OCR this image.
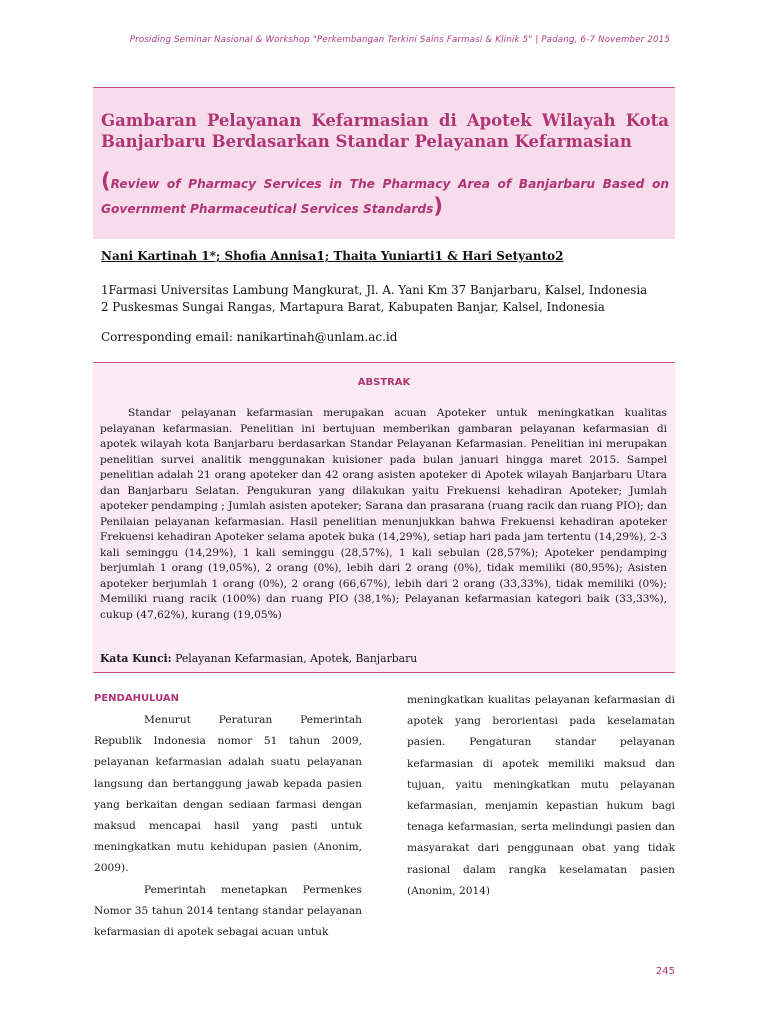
Prosiding Seminar Nasional & Workshop "Perkembangan Terkini Sains Farmasi & Klinik 5" | Padang, 6-7 November 2015
Gambaran Pelayanan Kefarmasian di Apotek Wilayah Kota Banjarbaru Berdasarkan Standar Pelayanan Kefarmasian
(Review of Pharmacy Services in The Pharmacy Area of Banjarbaru Based on Government Pharmaceutical Services Standards)
Nani Kartinah 1*; Shofia Annisa1; Thaita Yuniarti1 & Hari Setyanto2
1Farmasi Universitas Lambung Mangkurat, Jl. A. Yani Km 37 Banjarbaru, Kalsel, Indonesia
2 Puskesmas Sungai Rangas, Martapura Barat, Kabupaten Banjar, Kalsel, Indonesia
Corresponding email: nanikartinah@unlam.ac.id
ABSTRAK
Standar pelayanan kefarmasian merupakan acuan Apoteker untuk meningkatkan kualitas pelayanan kefarmasian. Penelitian ini bertujuan memberikan gambaran pelayanan kefarmasian di apotek wilayah kota Banjarbaru berdasarkan Standar Pelayanan Kefarmasian. Penelitian ini merupakan penelitian survei analitik menggunakan kuisioner pada bulan januari hingga maret 2015. Sampel penelitian adalah 21 orang apoteker dan 42 orang asisten apoteker di Apotek wilayah Banjarbaru Utara dan Banjarbaru Selatan. Pengukuran yang dilakukan yaitu Frekuensi kehadiran Apoteker; Jumlah apoteker pendamping ; Jumlah asisten apoteker; Sarana dan prasarana (ruang racik dan ruang PIO); dan Penilaian pelayanan kefarmasian. Hasil penelitian menunjukkan bahwa Frekuensi kehadiran apoteker Frekuensi kehadiran Apoteker selama apotek buka (14,29%), setiap hari pada jam tertentu (14,29%), 2-3 kali seminggu (14,29%), 1 kali seminggu (28,57%), 1 kali sebulan (28,57%); Apoteker pendamping berjumlah 1 orang (19,05%), 2 orang (0%), lebih dari 2 orang (0%), tidak memiliki (80,95%); Asisten apoteker berjumlah 1 orang (0%), 2 orang (66,67%), lebih dari 2 orang (33,33%), tidak memiliki (0%); Memiliki ruang racik (100%) dan ruang PIO (38,1%); Pelayanan kefarmasian kategori baik (33,33%), cukup (47,62%), kurang (19,05%)
Kata Kunci: Pelayanan Kefarmasian, Apotek, Banjarbaru
PENDAHULUAN

Menurut Peraturan Pemerintah Republik Indonesia nomor 51 tahun 2009, pelayanan kefarmasian adalah suatu pelayanan langsung dan bertanggung jawab kepada pasien yang berkaitan dengan sediaan farmasi dengan maksud mencapai hasil yang pasti untuk meningkatkan mutu kehidupan pasien (Anonim, 2009).

Pemerintah menetapkan Permenkes Nomor 35 tahun 2014 tentang standar pelayanan kefarmasian di apotek sebagai acuan untuk

meningkatkan kualitas pelayanan kefarmasian di apotek yang berorientasi pada keselamatan pasien. Pengaturan standar pelayanan kefarmasian di apotek memiliki maksud dan tujuan, yaitu meningkatkan mutu pelayanan kefarmasian, menjamin kepastian hukum bagi tenaga kefarmasian, serta melindungi pasien dan masyarakat dari penggunaan obat yang tidak rasional dalam rangka keselamatan pasien (Anonim, 2014)

245
